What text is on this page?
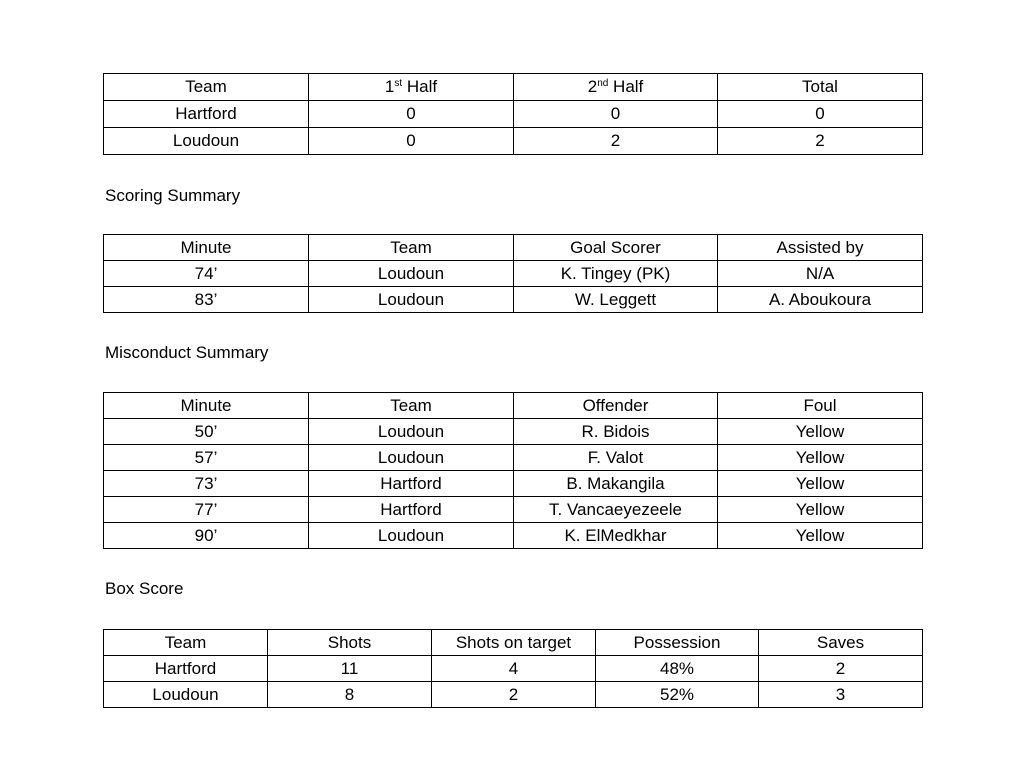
Team	1st Half	2nd Half	Total
Hartford	0	0	0
Loudoun	0	2	2

Scoring Summary

Minute	Team	Goal Scorer	Assisted by
74’	Loudoun	K. Tingey (PK)	N/A
83’	Loudoun	W. Leggett	A. Aboukoura

Misconduct Summary

Minute	Team	Offender	Foul
50’	Loudoun	R. Bidois	Yellow
57’	Loudoun	F. Valot	Yellow
73’	Hartford	B. Makangila	Yellow
77’	Hartford	T. Vancaeyezeele	Yellow
90’	Loudoun	K. ElMedkhar	Yellow

Box Score

Team	Shots	Shots on target	Possession	Saves
Hartford	11	4	48%	2
Loudoun	8	2	52%	3
